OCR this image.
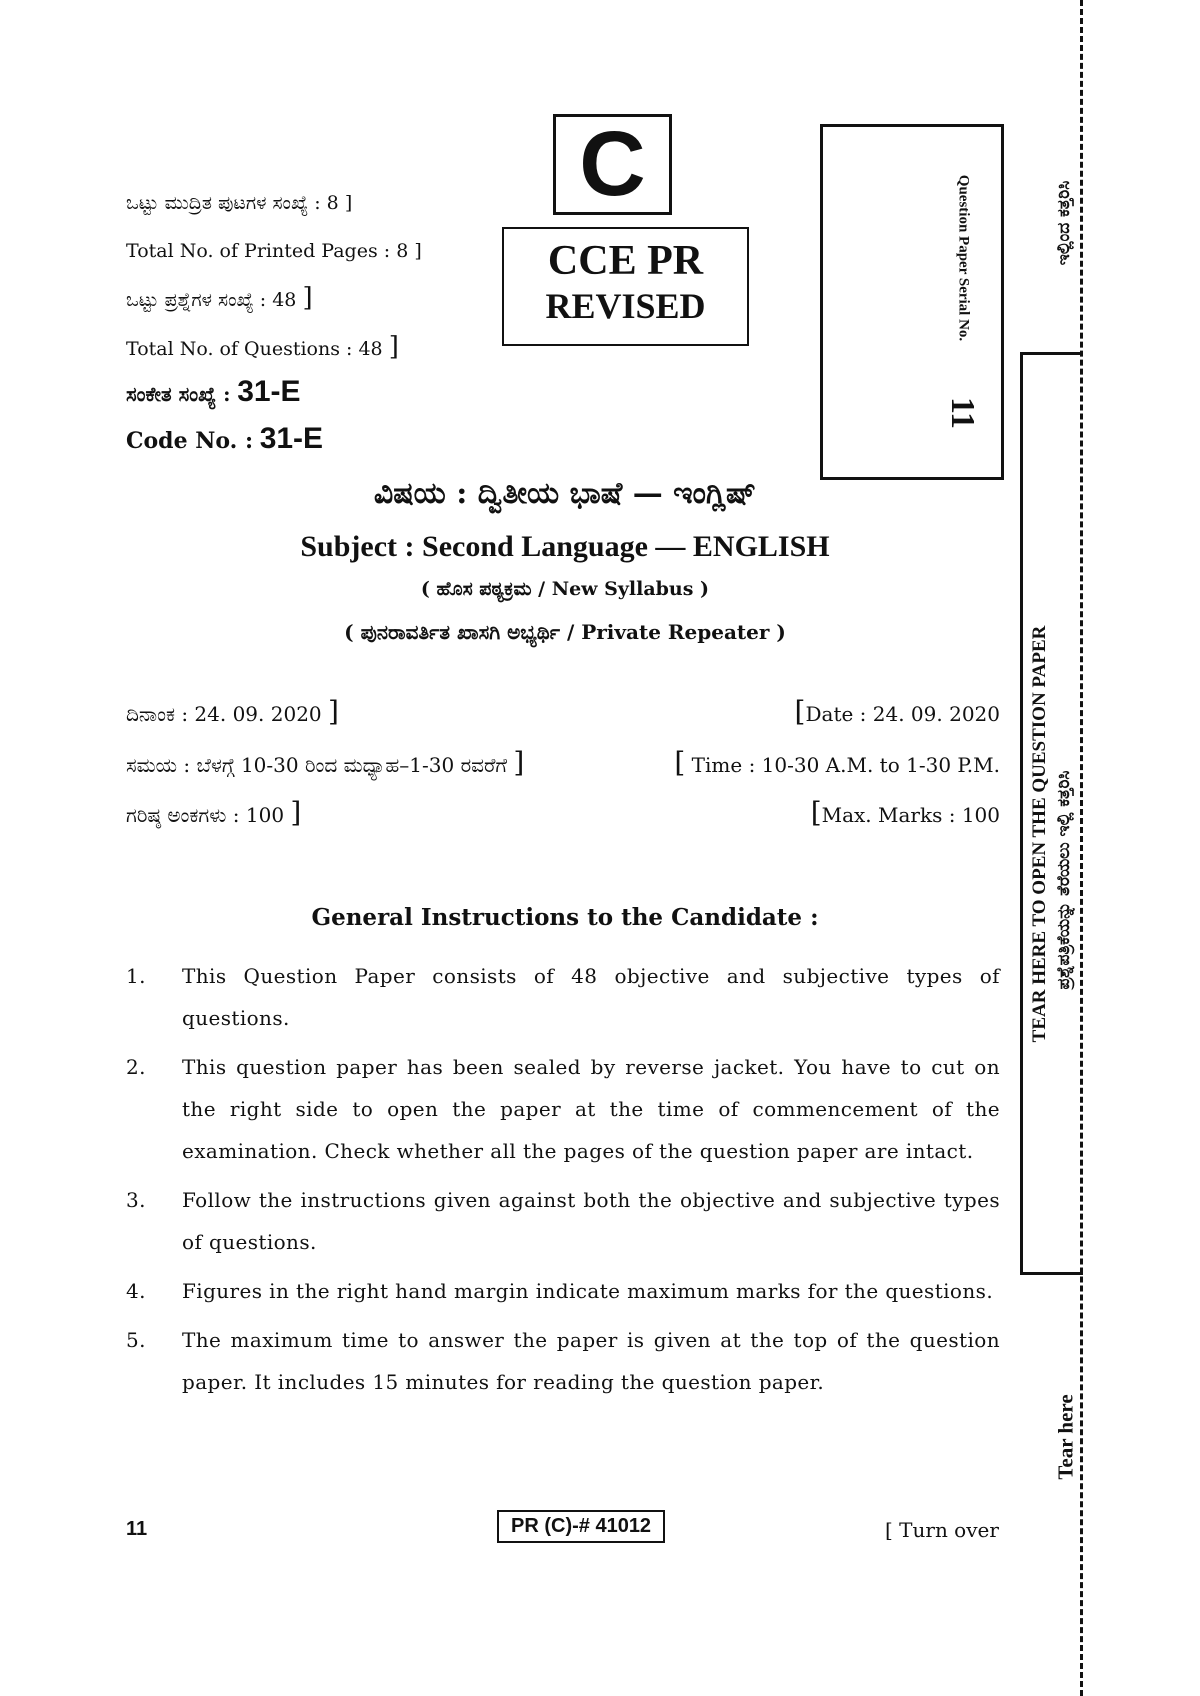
ಒಟ್ಟು ಮುದ್ರಿತ ಪುಟಗಳ ಸಂಖ್ಯೆ : 8 ]
Total No. of Printed Pages : 8 ]
ಒಟ್ಟು ಪ್ರಶ್ನೆಗಳ ಸಂಖ್ಯೆ : 48 ]
Total No. of Questions : 48 ]
ಸಂಕೇತ ಸಂಖ್ಯೆ : 31-E
Code No. : 31-E
C
CCE PR
REVISED	Question Paper Serial No.
11
ವಿಷಯ : ದ್ವಿತೀಯ ಭಾಷೆ — ಇಂಗ್ಲಿಷ್
Subject : Second Language — ENGLISH
( ಹೊಸ ಪಠ್ಯಕ್ರಮ / New Syllabus )
( ಪುನರಾವರ್ತಿತ ಖಾಸಗಿ ಅಭ್ಯರ್ಥಿ / Private Repeater )
ದಿನಾಂಕ : 24. 09. 2020 ]	[Date : 24. 09. 2020
ಸಮಯ : ಬೆಳಗ್ಗೆ 10-30 ರಿಂದ ಮಧ್ಯಾಹ–1-30 ರವರೆಗೆ ]	[ Time : 10-30 A.M. to 1-30 P.M.
ಗರಿಷ್ಠ ಅಂಕಗಳು : 100 ]	[Max. Marks : 100
General Instructions to the Candidate :
1.	This Question Paper consists of 48 objective and subjective types of questions.
2.	This question paper has been sealed by reverse jacket. You have to cut on the right side to open the paper at the time of commencement of the examination. Check whether all the pages of the question paper are intact.
3.	Follow the instructions given against both the objective and subjective types of questions.
4.	Figures in the right hand margin indicate maximum marks for the questions.
5.	The maximum time to answer the paper is given at the top of the question paper. It includes 15 minutes for reading the question paper.
11	PR (C)-# 41012	[ Turn over
ಇಲ್ಲಿಂದ ಕತ್ತರಿಸಿ
TEAR HERE TO OPEN THE QUESTION PAPER ಪ್ರಶ್ನೆಪತ್ರಿಕೆಯನ್ನು ತೆರೆಯಲು ಇಲ್ಲಿ ಕತ್ತರಿಸಿ
Tear here
